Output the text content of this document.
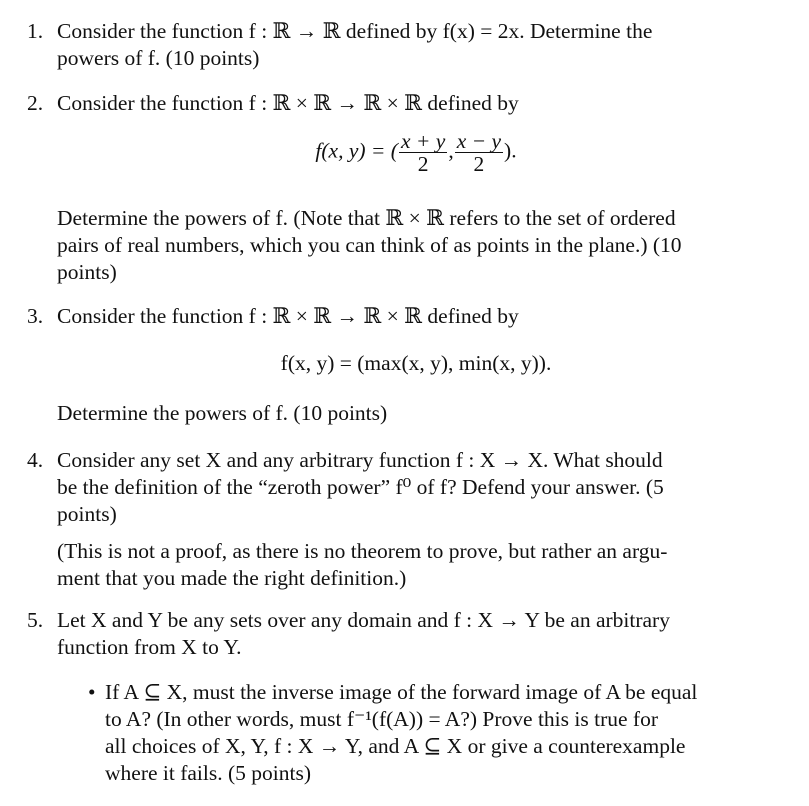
1. Consider the function f : ℝ → ℝ defined by f(x) = 2x. Determine the

powers of f. (10 points)

2. Consider the function f : ℝ × ℝ → ℝ × ℝ defined by

f(x, y) = ( $\frac{x + y}{2}$ , $\frac{x - y}{2}$ ).

Determine the powers of f. (Note that ℝ × ℝ refers to the set of ordered

pairs of real numbers, which you can think of as points in the plane.) (10

points)

3. Consider the function f : ℝ × ℝ → ℝ × ℝ defined by

f(x, y) = (max(x, y), min(x, y)).

Determine the powers of f. (10 points)

4. Consider any set X and any arbitrary function f : X → X. What should

be the definition of the “zeroth power” f⁰ of f? Defend your answer. (5

points)

(This is not a proof, as there is no theorem to prove, but rather an argu-

ment that you made the right definition.)

5. Let X and Y be any sets over any domain and f : X → Y be an arbitrary

function from X to Y.

• If A ⊆ X, must the inverse image of the forward image of A be equal

to A? (In other words, must f⁻¹(f(A)) = A?) Prove this is true for

all choices of X, Y, f : X → Y, and A ⊆ X or give a counterexample

where it fails. (5 points)
